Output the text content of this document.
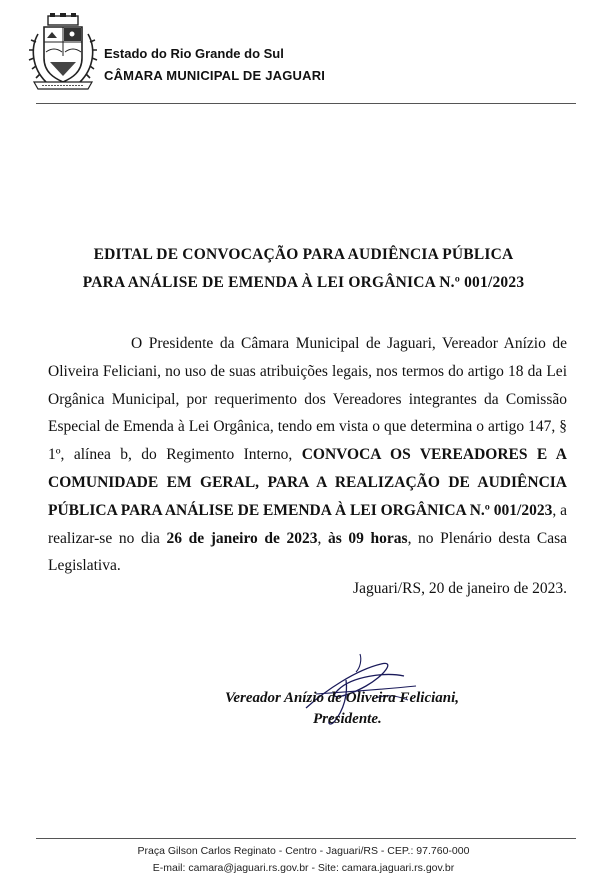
Estado do Rio Grande do Sul
CÂMARA MUNICIPAL DE JAGUARI
EDITAL DE CONVOCAÇÃO PARA AUDIÊNCIA PÚBLICA
PARA ANÁLISE DE EMENDA À LEI ORGÂNICA N.º 001/2023
O Presidente da Câmara Municipal de Jaguari, Vereador Anízio de Oliveira Feliciani, no uso de suas atribuições legais, nos termos do artigo 18 da Lei Orgânica Municipal, por requerimento dos Vereadores integrantes da Comissão Especial de Emenda à Lei Orgânica, tendo em vista o que determina o artigo 147, § 1º, alínea b, do Regimento Interno, CONVOCA OS VEREADORES E A COMUNIDADE EM GERAL, PARA A REALIZAÇÃO DE AUDIÊNCIA PÚBLICA PARA ANÁLISE DE EMENDA À LEI ORGÂNICA N.º 001/2023, a realizar-se no dia 26 de janeiro de 2023, às 09 horas, no Plenário desta Casa Legislativa.
Jaguari/RS, 20 de janeiro de 2023.
Vereador Anízio de Oliveira Feliciani,
Presidente.
Praça Gilson Carlos Reginato - Centro - Jaguari/RS - CEP.: 97.760-000
E-mail: camara@jaguari.rs.gov.br - Site: camara.jaguari.rs.gov.br
